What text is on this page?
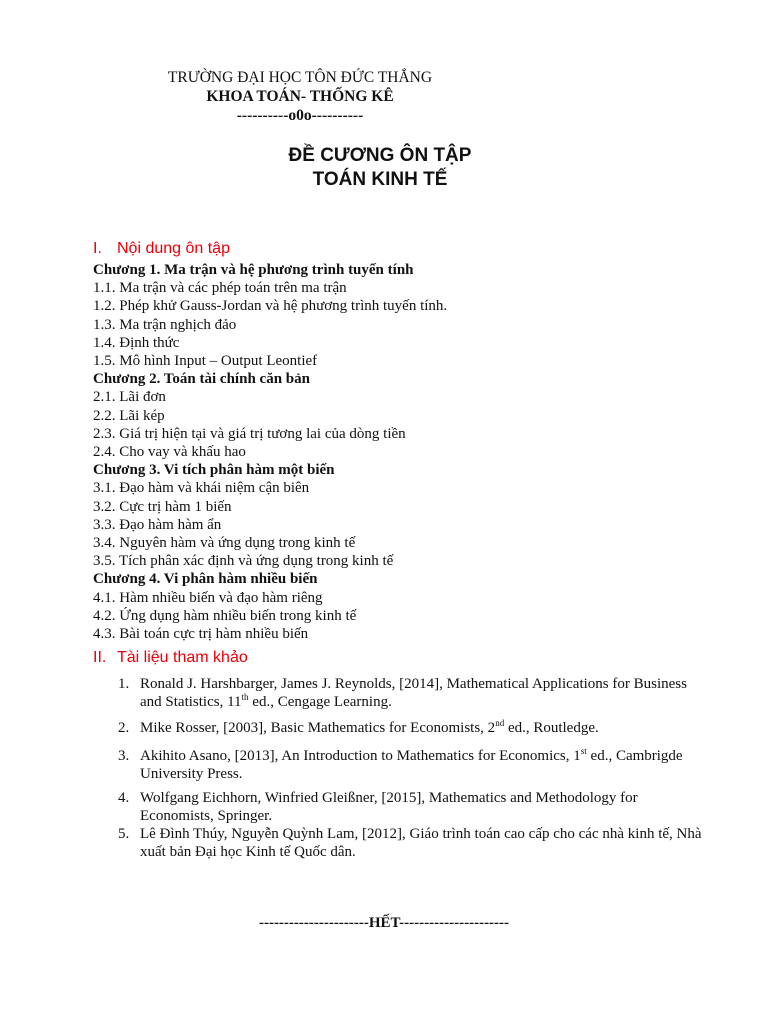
TRƯỜNG ĐẠI HỌC TÔN ĐỨC THẮNG
KHOA TOÁN- THỐNG KÊ
----------o0o----------
ĐỀ CƯƠNG ÔN TẬP
TOÁN KINH TẾ
I. Nội dung ôn tập
Chương 1. Ma trận và hệ phương trình tuyến tính
1.1. Ma trận và các phép toán trên ma trận
1.2. Phép khử Gauss-Jordan và hệ phương trình tuyến tính.
1.3. Ma trận nghịch đảo
1.4. Định thức
1.5. Mô hình Input – Output Leontief
Chương 2. Toán tài chính căn bản
2.1. Lãi đơn
2.2. Lãi kép
2.3. Giá trị hiện tại và giá trị tương lai của dòng tiền
2.4. Cho vay và khấu hao
Chương 3. Vi tích phân hàm một biến
3.1. Đạo hàm và khái niệm cận biên
3.2. Cực trị hàm 1 biến
3.3. Đạo hàm hàm ẩn
3.4. Nguyên hàm và ứng dụng trong kinh tế
3.5. Tích phân xác định và ứng dụng trong kinh tế
Chương 4. Vi phân hàm nhiều biến
4.1. Hàm nhiều biến và đạo hàm riêng
4.2. Ứng dụng hàm nhiều biến trong kinh tế
4.3. Bài toán cực trị hàm nhiều biến
II. Tài liệu tham khảo
1. Ronald J. Harshbarger, James J. Reynolds, [2014], Mathematical Applications for Business and Statistics, 11th ed., Cengage Learning.
2. Mike Rosser, [2003], Basic Mathematics for Economists, 2nd ed., Routledge.
3. Akihito Asano, [2013], An Introduction to Mathematics for Economics, 1st ed., Cambrigde University Press.
4. Wolfgang Eichhorn, Winfried Gleißner, [2015], Mathematics and Methodology for Economists, Springer.
5. Lê Đình Thúy, Nguyễn Quỳnh Lam, [2012], Giáo trình toán cao cấp cho các nhà kinh tế, Nhà xuất bản Đại học Kinh tế Quốc dân.
----------------------HẾT----------------------
